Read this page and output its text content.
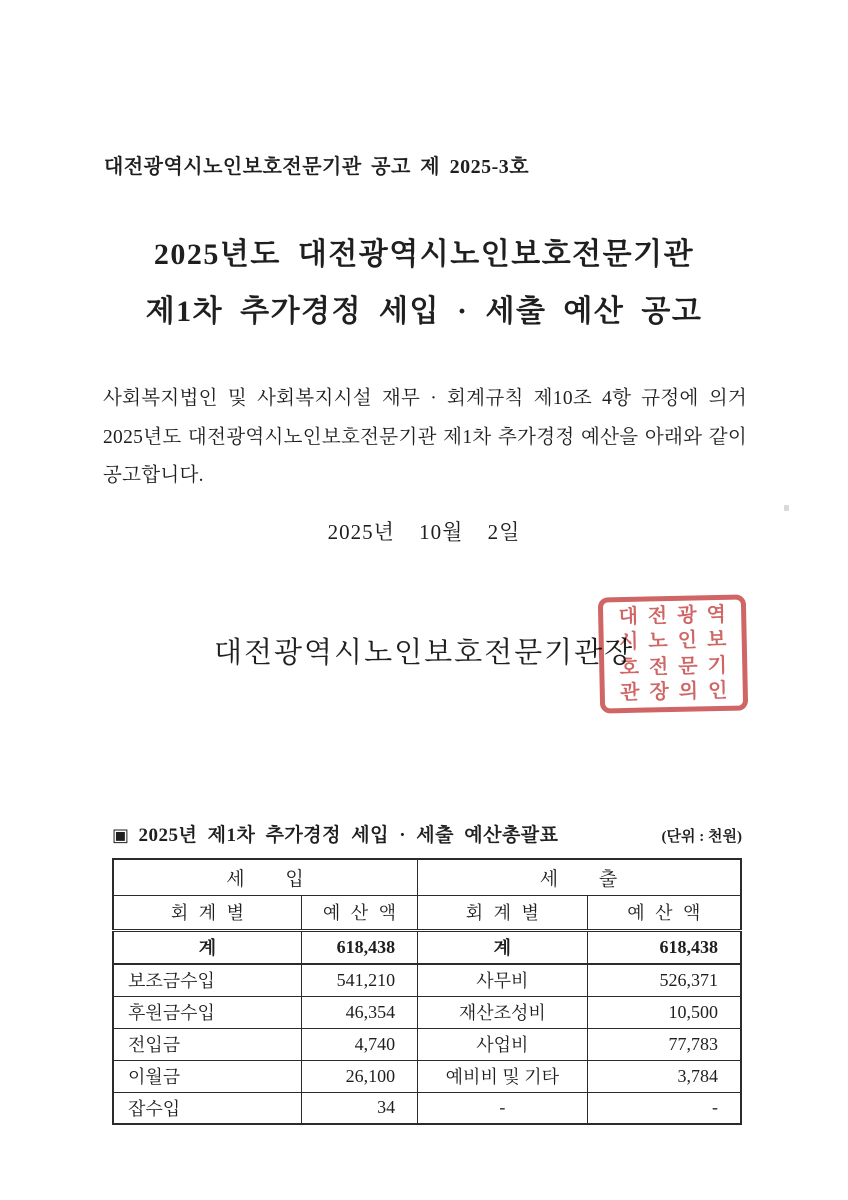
대전광역시노인보호전문기관 공고 제 2025-3호
2025년도 대전광역시노인보호전문기관
제1차 추가경정 세입 · 세출 예산 공고
사회복지법인 및 사회복지시설 재무 · 회계규칙 제10조 4항 규정에 의거
2025년도 대전광역시노인보호전문기관 제1차 추가경정 예산을 아래와 같이
공고합니다.
2025년 10월 2일
대전광역시노인보호전문기관장
대전광역
시노인보
호전문기
관장의인
▣ 2025년 제1차 추가경정 세입 · 세출 예산총괄표	(단위 : 천원)
세 입		세 출	
회 계 별	예 산 액	회 계 별	예 산 액
계	618,438	계	618,438
보조금수입	541,210	사무비	526,371
후원금수입	46,354	재산조성비	10,500
전입금	4,740	사업비	77,783
이월금	26,100	예비비 및 기타	3,784
잡수입	34	-	-
